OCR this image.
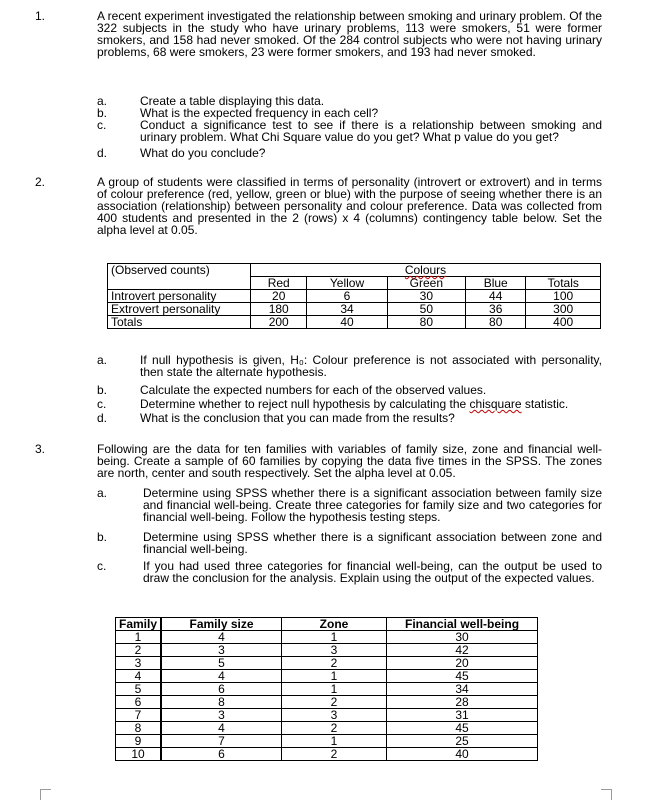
1.	A recent experiment investigated the relationship between smoking and urinary problem. Of the 322 subjects in the study who have urinary problems, 113 were smokers, 51 were former smokers, and 158 had never smoked. Of the 284 control subjects who were not having urinary problems, 68 were smokers, 23 were former smokers, and 193 had never smoked.

a.	Create a table displaying this data.
b.	What is the expected frequency in each cell?
c.	Conduct a significance test to see if there is a relationship between smoking and urinary problem. What Chi Square value do you get? What p value do you get?
d.	What do you conclude?
2.	A group of students were classified in terms of personality (introvert or extrovert) and in terms of colour preference (red, yellow, green or blue) with the purpose of seeing whether there is an association (relationship) between personality and colour preference. Data was collected from 400 students and presented in the 2 (rows) x 4 (columns) contingency table below. Set the alpha level at 0.05.

(Observed counts)	Colours				
	Red	Yellow	Green	Blue	Totals
Introvert personality	20	6	30	44	100
Extrovert personality	180	34	50	36	300
Totals	200	40	80	80	400
a.	If null hypothesis is given, H₀: Colour preference is not associated with personality, then state the alternate hypothesis.
b.	Calculate the expected numbers for each of the observed values.
c.	Determine whether to reject null hypothesis by calculating the chisquare statistic.
d.	What is the conclusion that you can made from the results?
3.	Following are the data for ten families with variables of family size, zone and financial well-being. Create a sample of 60 families by copying the data five times in the SPSS. The zones are north, center and south respectively. Set the alpha level at 0.05.

a.	Determine using SPSS whether there is a significant association between family size and financial well-being. Create three categories for family size and two categories for financial well-being. Follow the hypothesis testing steps.
b.	Determine using SPSS whether there is a significant association between zone and financial well-being.
c.	If you had used three categories for financial well-being, can the output be used to draw the conclusion for the analysis. Explain using the output of the expected values.
Family	Family size	Zone	Financial well-being
1	4	1	30
2	3	3	42
3	5	2	20
4	4	1	45
5	6	1	34
6	8	2	28
7	3	3	31
8	4	2	45
9	7	1	25
10	6	2	40
